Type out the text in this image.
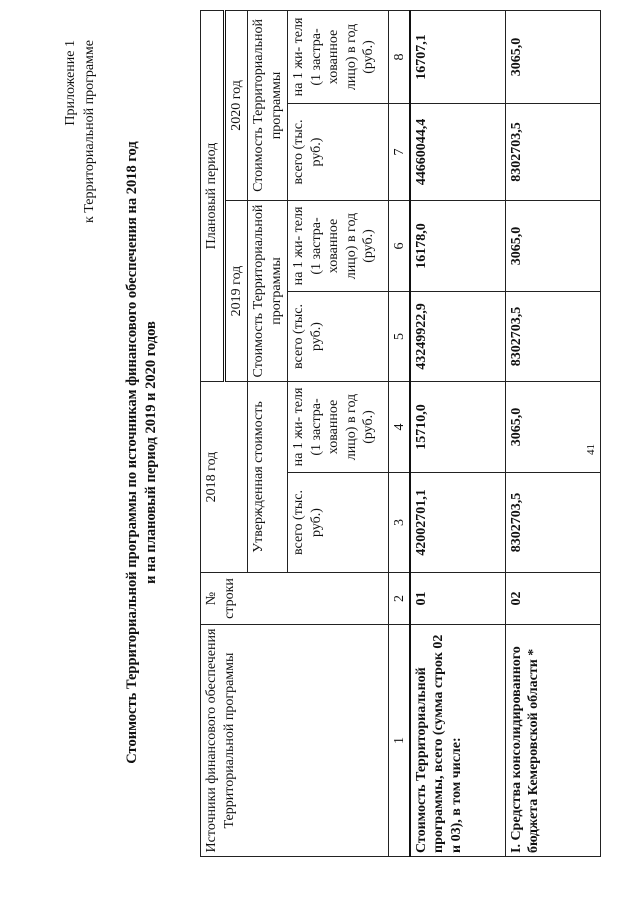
41
Приложение 1 к Территориальной программе
Стоимость Территориальной программы по источникам финансового обеспечения на 2018 год и на плановый период 2019 и 2020 годов
Источники финансового обеспечения Территориальной программы	№ строки	2018 год		Плановый период			
				2019 год		2020 год	
		Утвержденная стоимость		Стоимость Территориальной программы		Стоимость Территориальной программы	
		всего (тыс. руб.)	на 1 жи- теля (1 застра- хованное лицо) в год (руб.)	всего (тыс. руб.)	на 1 жи- теля (1 застра- хованное лицо) в год (руб.)	всего (тыс. руб.)	на 1 жи- теля (1 застра- хованное лицо) в год (руб.)
1	2	3	4	5	6	7	8
Стоимость Территориальной программы, всего (сумма строк 02 и 03), в том числе:	01	42002701,1	15710,0	43249922,9	16178,0	44660044,4	16707,1
I. Средства консолидированного бюджета Кемеровской области *	02	8302703,5	3065,0	8302703,5	3065,0	8302703,5	3065,0
